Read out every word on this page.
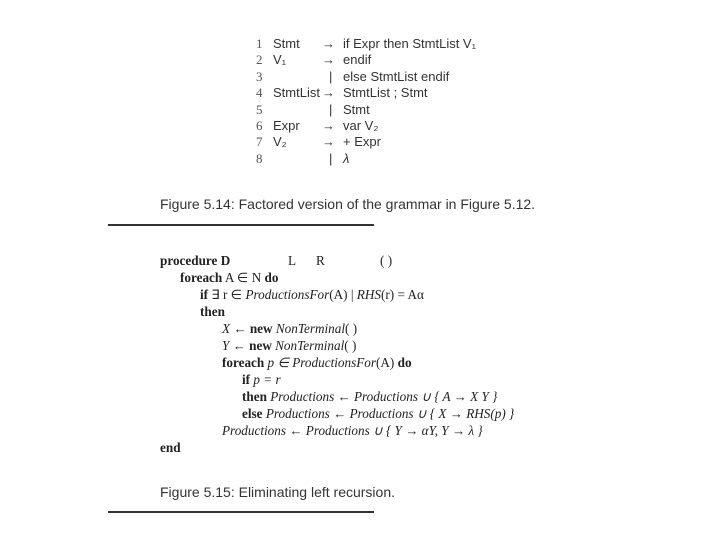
1 Stmt → if Expr then StmtList V₁
2 V₁	→ endif
3	| else StmtList endif
4 StmtList → StmtList ; Stmt
5	| Stmt
6 Expr → var V₂
7 V₂	→ + Expr
8	| λ
Figure 5.14: Factored version of the grammar in Figure 5.12.
procedure D	L R	( )
foreach A ∈ N do
if ∃ r ∈ ProductionsFor(A) | RHS(r) = Aα
then
X ← new NonTerminal( )
Y ← new NonTerminal( )
foreach p ∈ ProductionsFor(A) do
if p = r
then Productions ← Productions ∪ { A → X Y }
else Productions ← Productions ∪ { X → RHS(p) }
Productions ← Productions ∪ { Y → αY, Y → λ }
end
Figure 5.15: Eliminating left recursion.
